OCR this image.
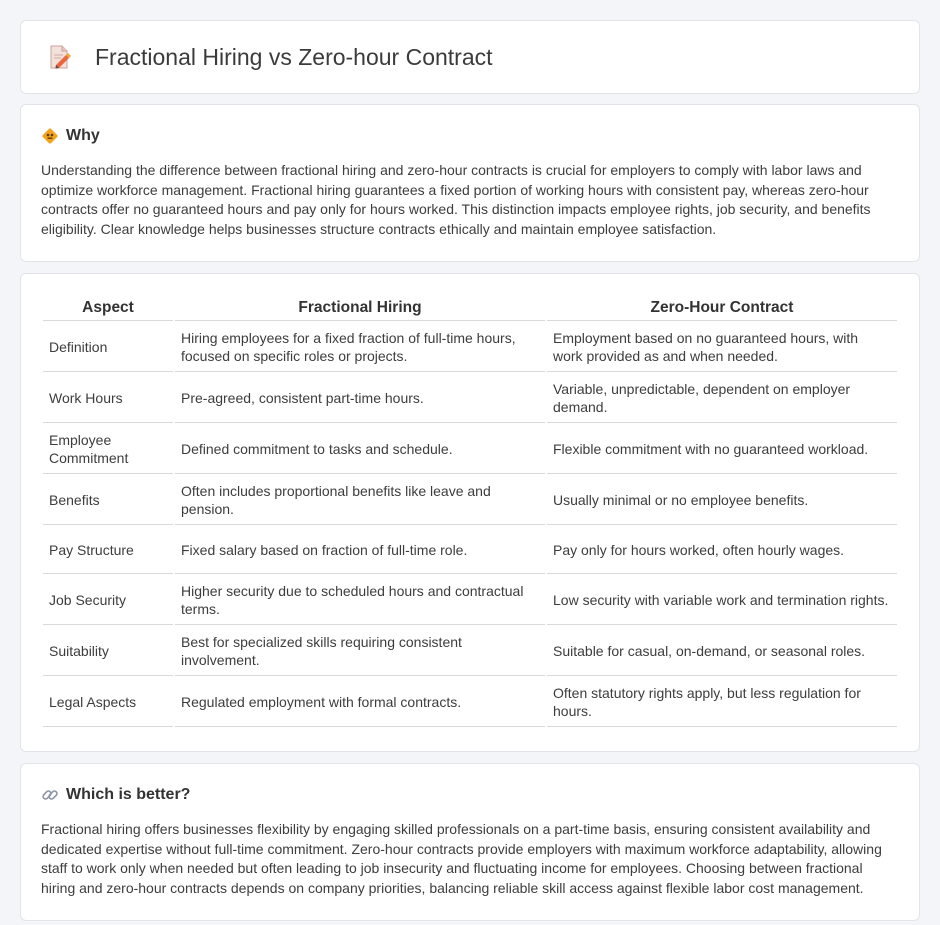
Fractional Hiring vs Zero-hour Contract
Why

Understanding the difference between fractional hiring and zero-hour contracts is crucial for employers to comply with labor laws and optimize workforce management. Fractional hiring guarantees a fixed portion of working hours with consistent pay, whereas zero-hour contracts offer no guaranteed hours and pay only for hours worked. This distinction impacts employee rights, job security, and benefits eligibility. Clear knowledge helps businesses structure contracts ethically and maintain employee satisfaction.

Aspect	Fractional Hiring	Zero-Hour Contract
Definition	Hiring employees for a fixed fraction of full-time hours, focused on specific roles or projects.	Employment based on no guaranteed hours, with work provided as and when needed.
Work Hours	Pre-agreed, consistent part-time hours.	Variable, unpredictable, dependent on employer demand.
Employee Commitment	Defined commitment to tasks and schedule.	Flexible commitment with no guaranteed workload.
Benefits	Often includes proportional benefits like leave and pension.	Usually minimal or no employee benefits.
Pay Structure	Fixed salary based on fraction of full-time role.	Pay only for hours worked, often hourly wages.
Job Security	Higher security due to scheduled hours and contractual terms.	Low security with variable work and termination rights.
Suitability	Best for specialized skills requiring consistent involvement.	Suitable for casual, on-demand, or seasonal roles.
Legal Aspects	Regulated employment with formal contracts.	Often statutory rights apply, but less regulation for hours.
Which is better?

Fractional hiring offers businesses flexibility by engaging skilled professionals on a part-time basis, ensuring consistent availability and dedicated expertise without full-time commitment. Zero-hour contracts provide employers with maximum workforce adaptability, allowing staff to work only when needed but often leading to job insecurity and fluctuating income for employees. Choosing between fractional hiring and zero-hour contracts depends on company priorities, balancing reliable skill access against flexible labor cost management.
